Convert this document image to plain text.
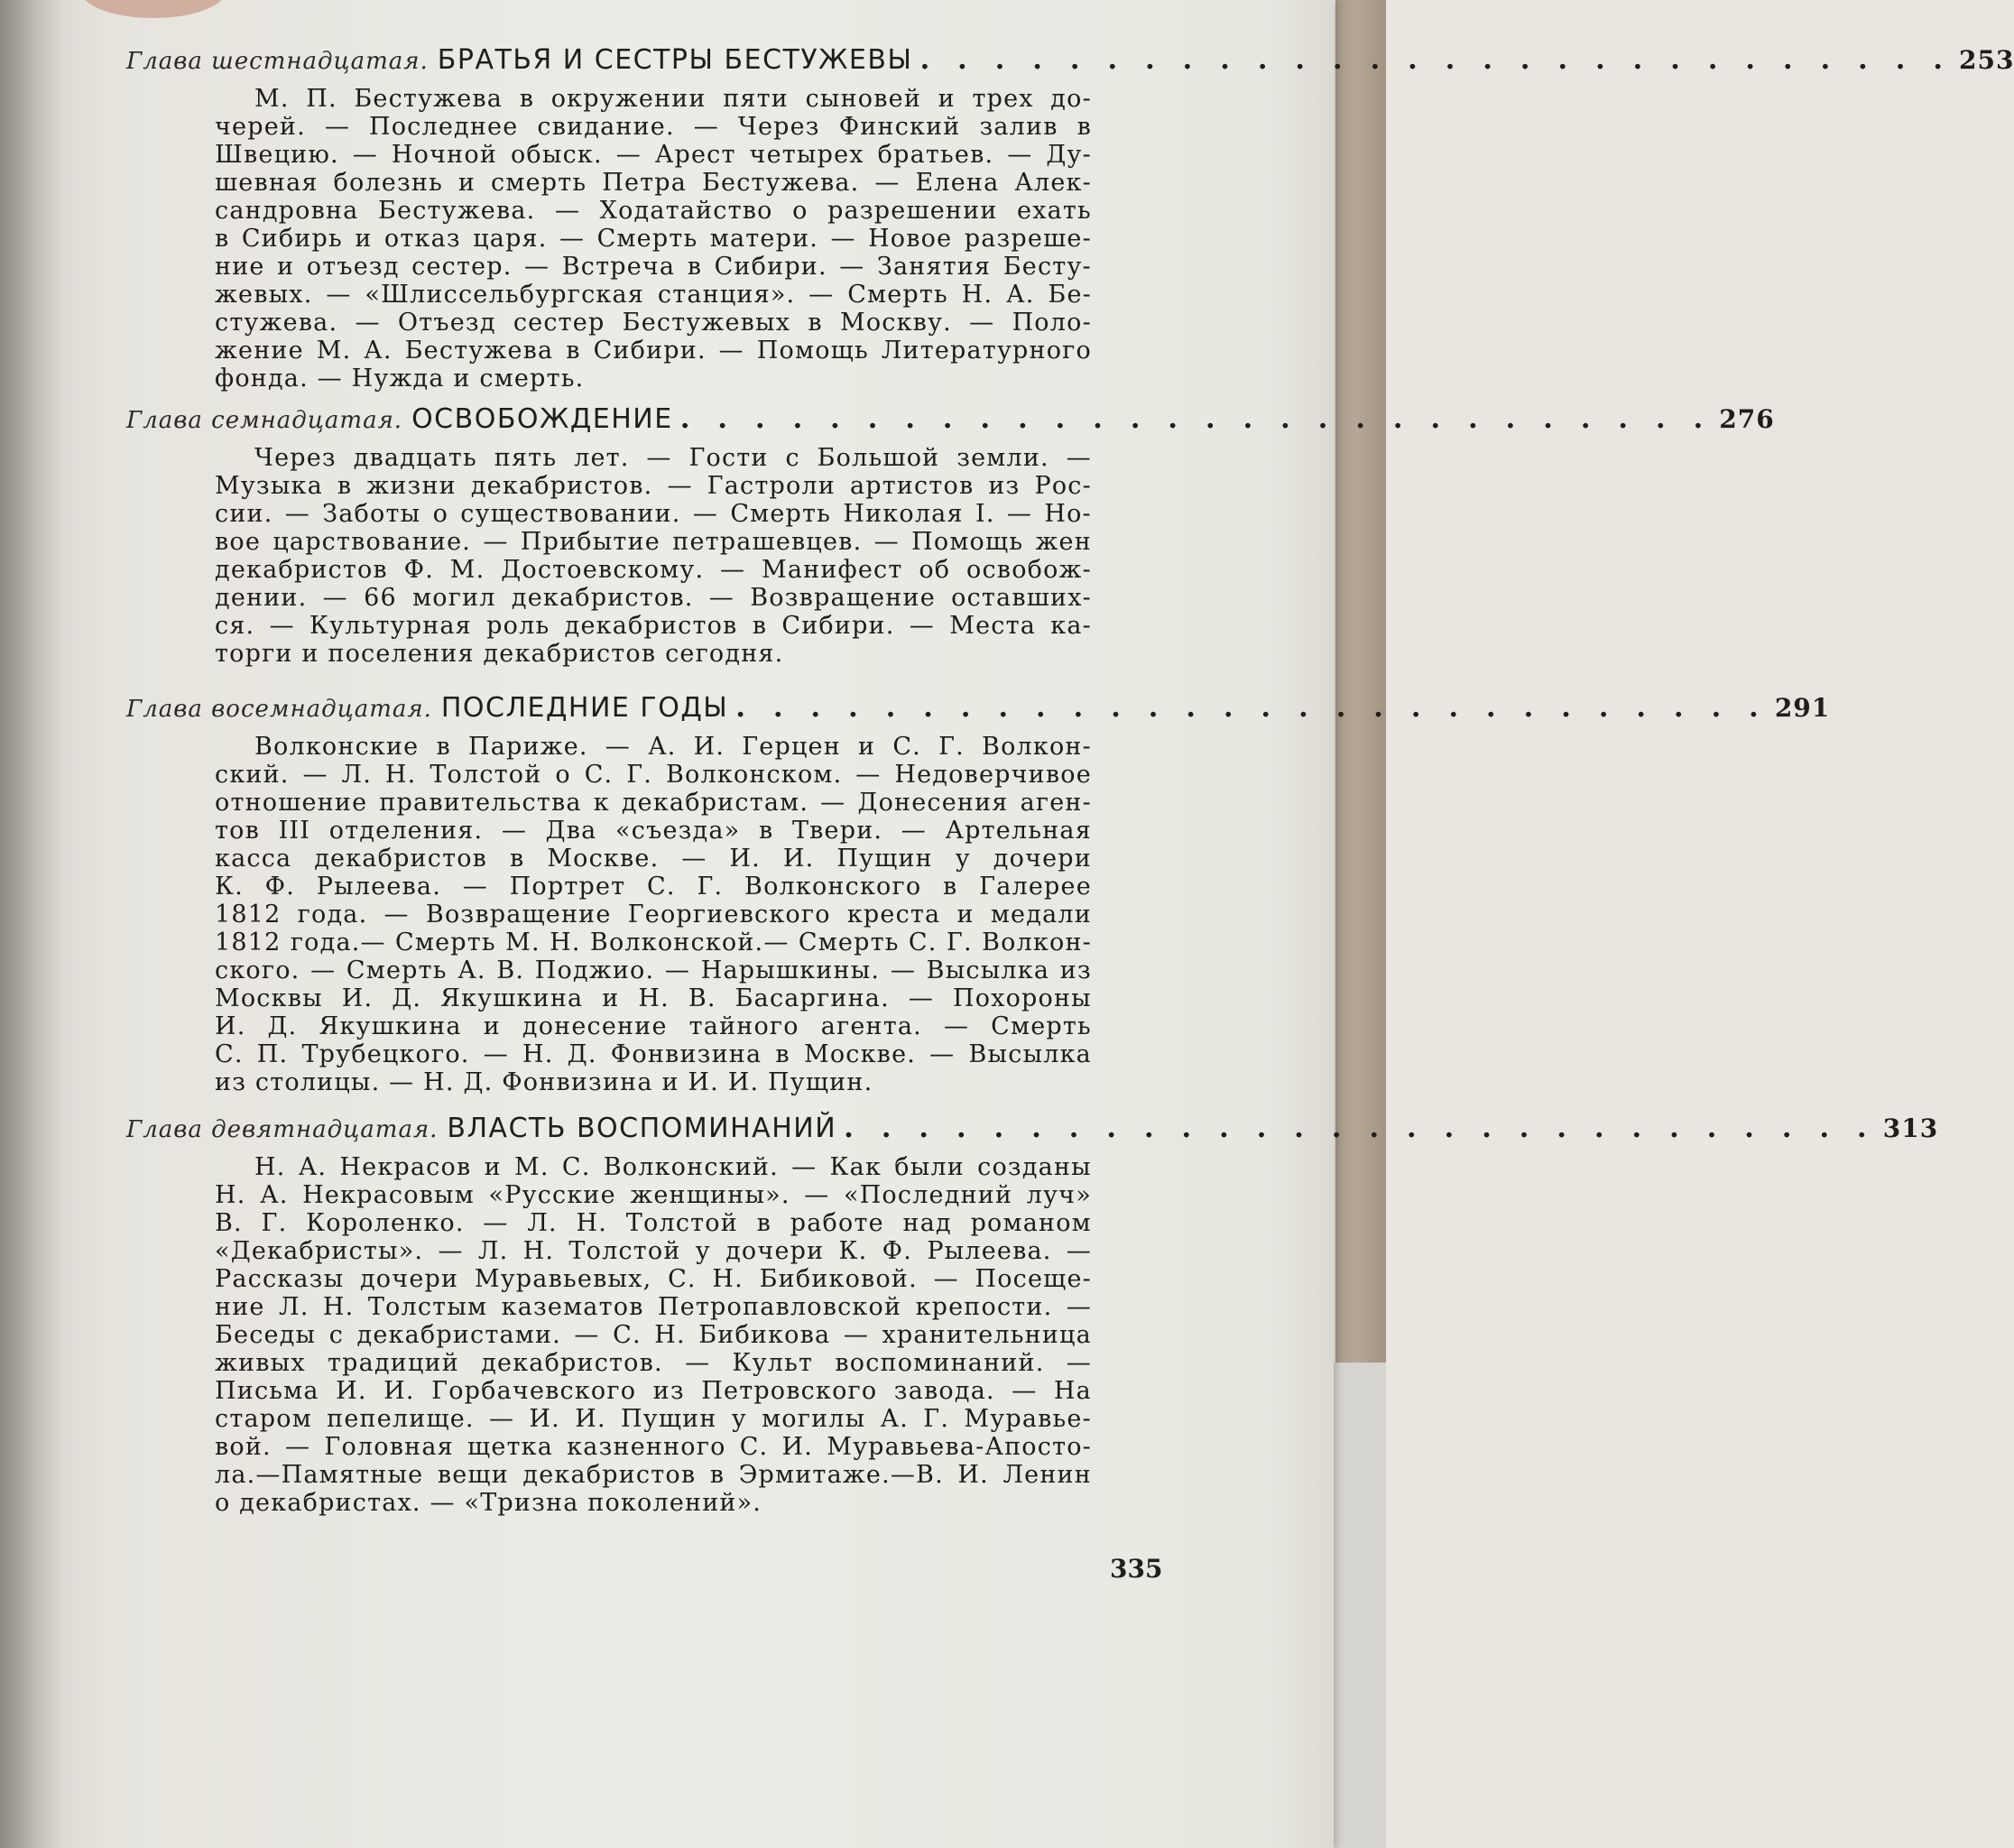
Глава шестнадцатая. БРАТЬЯ И СЕСТРЫ БЕСТУЖЕВЫ . . . . . . . . . . . . . . . . . . . . . . . . . . . . 253
М. П. Бестужева в окружении пяти сыновей и трех до-
черей. — Последнее свидание. — Через Финский залив в
Швецию. — Ночной обыск. — Арест четырех братьев. — Ду-
шевная болезнь и смерть Петра Бестужева. — Елена Алек-
сандровна Бестужева. — Ходатайство о разрешении ехать
в Сибирь и отказ царя. — Смерть матери. — Новое разреше-
ние и отъезд сестер. — Встреча в Сибири. — Занятия Бесту-
жевых. — «Шлиссельбургская станция». — Смерть Н. А. Бе-
стужева. — Отъезд сестер Бестужевых в Москву. — Поло-
жение М. А. Бестужева в Сибири. — Помощь Литературного
фонда. — Нужда и смерть.
Глава семнадцатая. ОСВОБОЖДЕНИЕ . . . . . . . . . . . . . . . . . . . . . . . . . . . . 276
Через двадцать пять лет. — Гости с Большой земли. —
Музыка в жизни декабристов. — Гастроли артистов из Рос-
сии. — Заботы о существовании. — Смерть Николая I. — Но-
вое царствование. — Прибытие петрашевцев. — Помощь жен
декабристов Ф. М. Достоевскому. — Манифест об освобож-
дении. — 66 могил декабристов. — Возвращение оставших-
ся. — Культурная роль декабристов в Сибири. — Места ка-
торги и поселения декабристов сегодня.
Глава восемнадцатая. ПОСЛЕДНИЕ ГОДЫ . . . . . . . . . . . . . . . . . . . . . . . . . . . . 291
Волконские в Париже. — А. И. Герцен и С. Г. Волкон-
ский. — Л. Н. Толстой о С. Г. Волконском. — Недоверчивое
отношение правительства к декабристам. — Донесения аген-
тов III отделения. — Два «съезда» в Твери. — Артельная
касса декабристов в Москве. — И. И. Пущин у дочери
К. Ф. Рылеева. — Портрет С. Г. Волконского в Галерее
1812 года. — Возвращение Георгиевского креста и медали
1812 года.— Смерть М. Н. Волконской.— Смерть С. Г. Волкон-
ского. — Смерть А. В. Поджио. — Нарышкины. — Высылка из
Москвы И. Д. Якушкина и Н. В. Басаргина. — Похороны
И. Д. Якушкина и донесение тайного агента. — Смерть
С. П. Трубецкого. — Н. Д. Фонвизина в Москве. — Высылка
из столицы. — Н. Д. Фонвизина и И. И. Пущин.
Глава девятнадцатая. ВЛАСТЬ ВОСПОМИНАНИЙ . . . . . . . . . . . . . . . . . . . . . . . . . . . . 313
Н. А. Некрасов и М. С. Волконский. — Как были созданы
Н. А. Некрасовым «Русские женщины». — «Последний луч»
В. Г. Короленко. — Л. Н. Толстой в работе над романом
«Декабристы». — Л. Н. Толстой у дочери К. Ф. Рылеева. —
Рассказы дочери Муравьевых, С. Н. Бибиковой. — Посеще-
ние Л. Н. Толстым казематов Петропавловской крепости. —
Беседы с декабристами. — С. Н. Бибикова — хранительница
живых традиций декабристов. — Культ воспоминаний. —
Письма И. И. Горбачевского из Петровского завода. — На
старом пепелище. — И. И. Пущин у могилы А. Г. Муравье-
вой. — Головная щетка казненного С. И. Муравьева-Апосто-
ла.—Памятные вещи декабристов в Эрмитаже.—В. И. Ленин
о декабристах. — «Тризна поколений».
335
